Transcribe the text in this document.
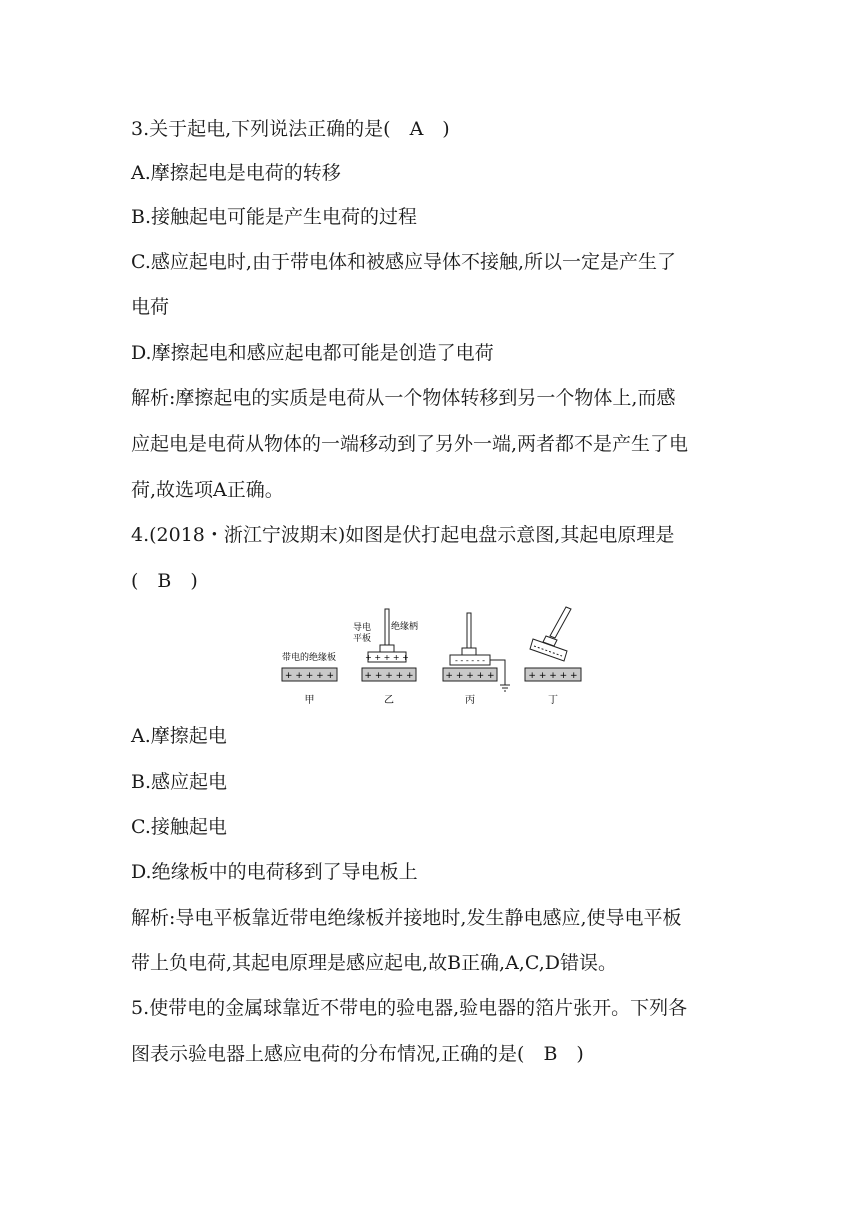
3.关于起电,下列说法正确的是(　A　)
A.摩擦起电是电荷的转移
B.接触起电可能是产生电荷的过程
C.感应起电时,由于带电体和被感应导体不接触,所以一定是产生了
电荷
D.摩擦起电和感应起电都可能是创造了电荷
解析:摩擦起电的实质是电荷从一个物体转移到另一个物体上,而感
应起电是电荷从物体的一端移动到了另外一端,两者都不是产生了电
荷,故选项A正确。
4.(2018・浙江宁波期末)如图是伏打起电盘示意图,其起电原理是
(　B　)
带电的绝缘板
+ + + + +
甲
导电
平板
绝缘柄
+ + + + +
+ + + + +
乙
- - - - - -
+ + + + +
丙
+ + + + +
丁
A.摩擦起电
B.感应起电
C.接触起电
D.绝缘板中的电荷移到了导电板上
解析:导电平板靠近带电绝缘板并接地时,发生静电感应,使导电平板
带上负电荷,其起电原理是感应起电,故B正确,A,C,D错误。
5.使带电的金属球靠近不带电的验电器,验电器的箔片张开。下列各
图表示验电器上感应电荷的分布情况,正确的是(　B　)
